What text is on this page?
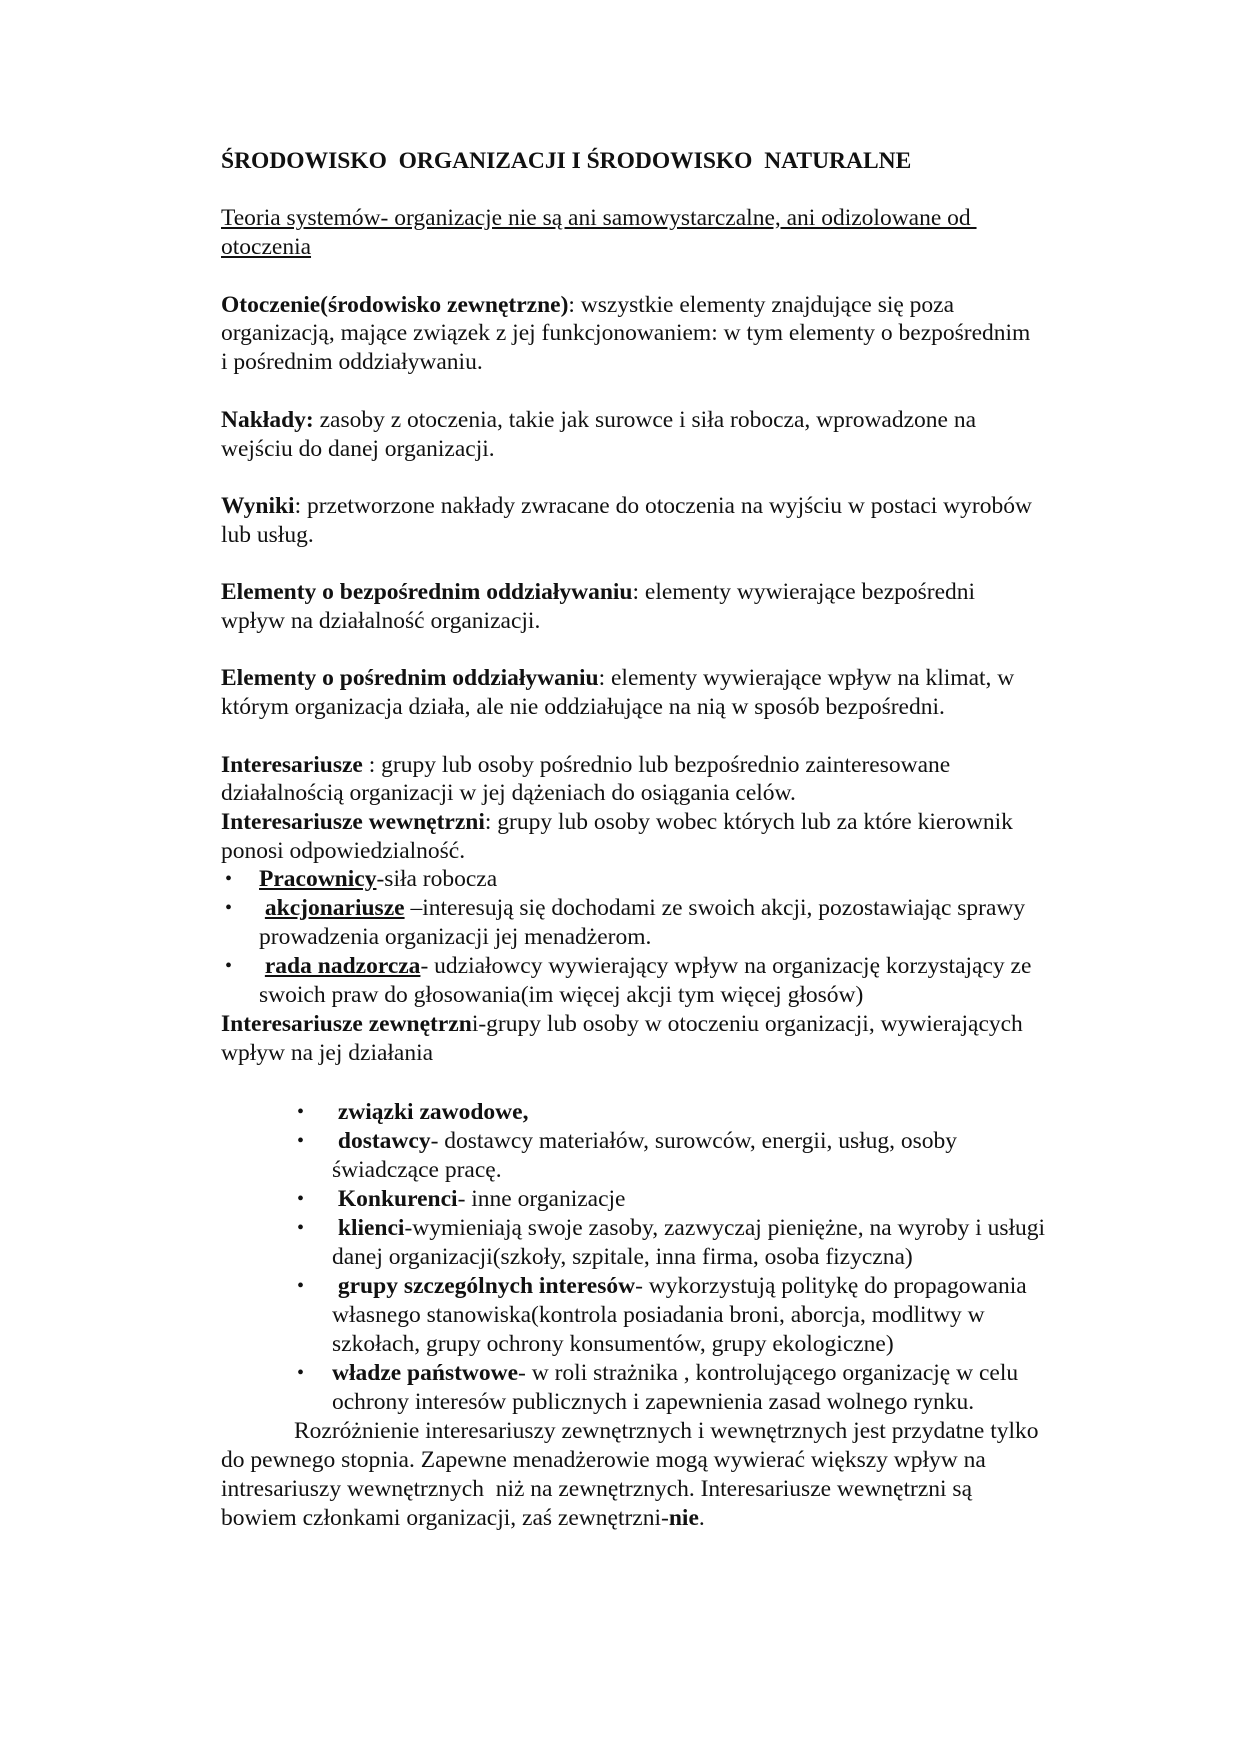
ŚRODOWISKO  ORGANIZACJI I ŚRODOWISKO  NATURALNE
Teoria systemów- organizacje nie są ani samowystarczalne, ani odizolowane od
otoczenia
Otoczenie(środowisko zewnętrzne): wszystkie elementy znajdujące się poza
organizacją, mające związek z jej funkcjonowaniem: w tym elementy o bezpośrednim
i pośrednim oddziaływaniu.
Nakłady: zasoby z otoczenia, takie jak surowce i siła robocza, wprowadzone na
wejściu do danej organizacji.
Wyniki: przetworzone nakłady zwracane do otoczenia na wyjściu w postaci wyrobów
lub usług.
Elementy o bezpośrednim oddziaływaniu: elementy wywierające bezpośredni
wpływ na działalność organizacji.
Elementy o pośrednim oddziaływaniu: elementy wywierające wpływ na klimat, w
którym organizacja działa, ale nie oddziałujące na nią w sposób bezpośredni.
Interesariusze : grupy lub osoby pośrednio lub bezpośrednio zainteresowane
działalnością organizacji w jej dążeniach do osiągania celów.
Interesariusze wewnętrzni: grupy lub osoby wobec których lub za które kierownik
ponosi odpowiedzialność.
• Pracownicy-siła robocza
• akcjonariusze –interesują się dochodami ze swoich akcji, pozostawiając sprawy
prowadzenia organizacji jej menadżerom.
• rada nadzorcza- udziałowcy wywierający wpływ na organizację korzystający ze
swoich praw do głosowania(im więcej akcji tym więcej głosów)
Interesariusze zewnętrzni-grupy lub osoby w otoczeniu organizacji, wywierających
wpływ na jej działania
• związki zawodowe,
• dostawcy- dostawcy materiałów, surowców, energii, usług, osoby
świadczące pracę.
• Konkurenci- inne organizacje
• klienci-wymieniają swoje zasoby, zazwyczaj pieniężne, na wyroby i usługi
danej organizacji(szkoły, szpitale, inna firma, osoba fizyczna)
• grupy szczególnych interesów- wykorzystują politykę do propagowania
własnego stanowiska(kontrola posiadania broni, aborcja, modlitwy w
szkołach, grupy ochrony konsumentów, grupy ekologiczne)
• władze państwowe- w roli strażnika , kontrolującego organizację w celu
ochrony interesów publicznych i zapewnienia zasad wolnego rynku.
Rozróżnienie interesariuszy zewnętrznych i wewnętrznych jest przydatne tylko
do pewnego stopnia. Zapewne menadżerowie mogą wywierać większy wpływ na
intresariuszy wewnętrznych  niż na zewnętrznych. Interesariusze wewnętrzni są
bowiem członkami organizacji, zaś zewnętrzni-nie.
